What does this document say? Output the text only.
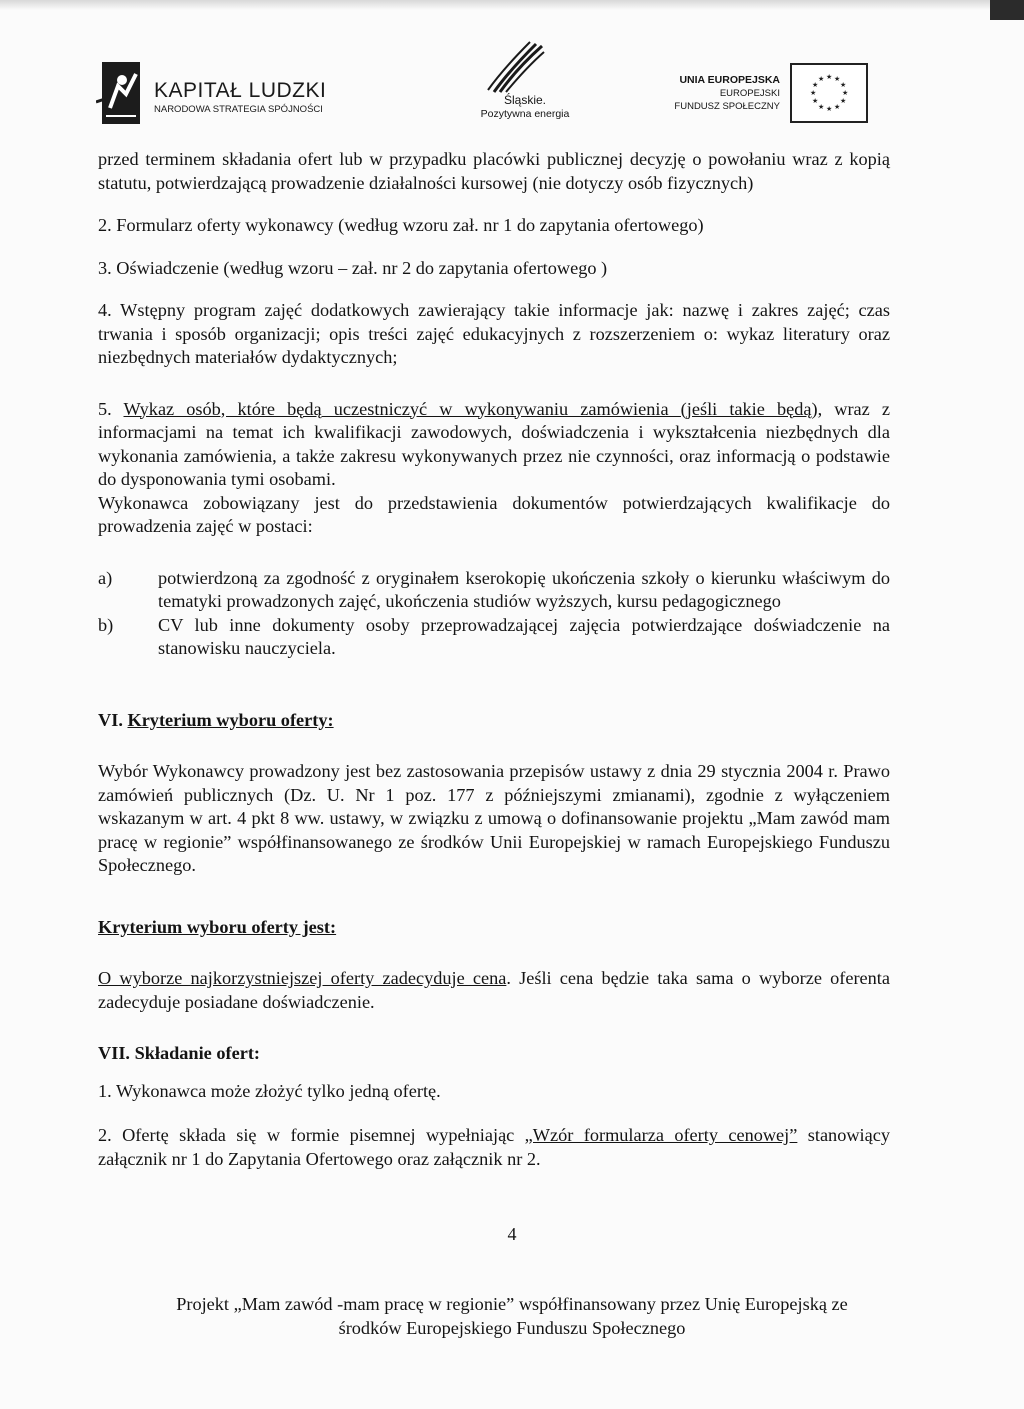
KAPITAŁ LUDZKI
NARODOWA STRATEGIA SPÓJNOŚCI
Śląskie.
Pozytywna energia
UNIA EUROPEJSKA
EUROPEJSKI
FUNDUSZ SPOŁECZNY
★ ★
★
★
★
★
★
★
★
★
★
★

przed terminem składania ofert lub w przypadku placówki publicznej decyzję o powołaniu wraz z kopią statutu, potwierdzającą prowadzenie działalności kursowej (nie dotyczy osób fizycznych)

2. Formularz oferty wykonawcy (według wzoru zał. nr 1 do zapytania ofertowego)

3. Oświadczenie (według wzoru – zał. nr 2 do zapytania ofertowego )

4. Wstępny program zajęć dodatkowych zawierający takie informacje jak: nazwę i zakres zajęć; czas trwania i sposób organizacji; opis treści zajęć edukacyjnych z rozszerzeniem o: wykaz literatury oraz niezbędnych materiałów dydaktycznych;

5. Wykaz osób, które będą uczestniczyć w wykonywaniu zamówienia (jeśli takie będą), wraz z informacjami na temat ich kwalifikacji zawodowych, doświadczenia i wykształcenia niezbędnych dla wykonania zamówienia, a także zakresu wykonywanych przez nie czynności, oraz informacją o podstawie do dysponowania tymi osobami.

Wykonawca zobowiązany jest do przedstawienia dokumentów potwierdzających kwalifikacje do prowadzenia zajęć w postaci:

a)	potwierdzoną za zgodność z oryginałem kserokopię ukończenia szkoły o kierunku właściwym do tematyki prowadzonych zajęć, ukończenia studiów wyższych, kursu pedagogicznego

b) CV lub inne dokumenty osoby przeprowadzającej zajęcia potwierdzające doświadczenie na stanowisku nauczyciela.

VI. Kryterium wyboru oferty:

Wybór Wykonawcy prowadzony jest bez zastosowania przepisów ustawy z dnia 29 stycznia 2004 r. Prawo zamówień publicznych (Dz. U. Nr 1 poz. 177 z późniejszymi zmianami), zgodnie z wyłączeniem wskazanym w art. 4 pkt 8 ww. ustawy, w związku z umową o dofinansowanie projektu „Mam zawód mam pracę w regionie” współfinansowanego ze środków Unii Europejskiej w ramach Europejskiego Funduszu Społecznego.

Kryterium wyboru oferty jest:

O wyborze najkorzystniejszej oferty zadecyduje cena. Jeśli cena będzie taka sama o wyborze oferenta zadecyduje posiadane doświadczenie.

VII. Składanie ofert:

1. Wykonawca może złożyć tylko jedną ofertę.

2. Ofertę składa się w formie pisemnej wypełniając „Wzór formularza oferty cenowej” stanowiący załącznik nr 1 do Zapytania Ofertowego oraz załącznik nr 2.

4
Projekt „Mam zawód -mam pracę w regionie” współfinansowany przez Unię Europejską ze
środków Europejskiego Funduszu Społecznego
